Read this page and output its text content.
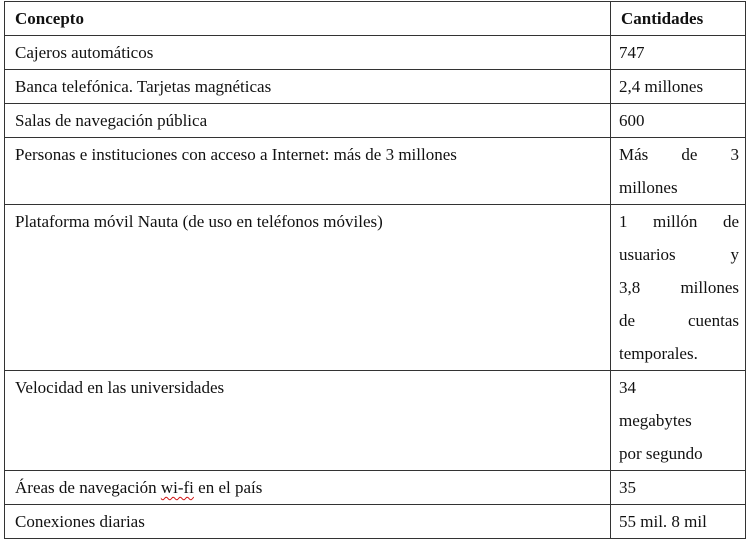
Concepto	Cantidades
Cajeros automáticos	747

Banca telefónica. Tarjetas magnéticas	2,4 millones

Salas de navegación pública	600

Personas e instituciones con acceso a Internet: más de 3 millones	Más de 3
millones

Plataforma móvil Nauta (de uso en teléfonos móviles)	1 millón de
usuarios y
3,8 millones
de cuentas
temporales.

Velocidad en las universidades	34
megabytes
por segundo

Áreas de navegación wi-fi en el país	35

Conexiones diarias	55 mil. 8 mil
